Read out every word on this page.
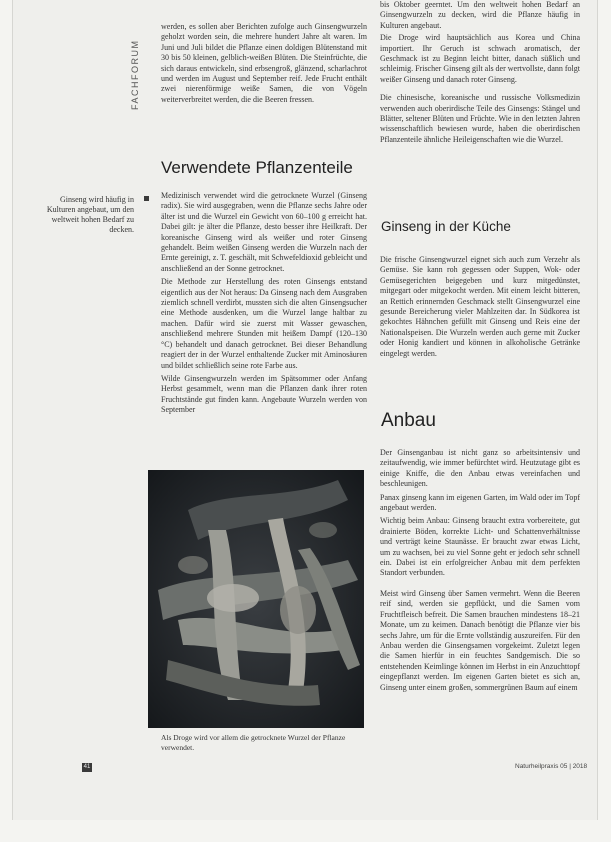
FACHFORUM

werden, es sollen aber Berichten zufolge auch Ginsengwurzeln geholzt worden sein, die mehrere hundert Jahre alt waren. Im Juni und Juli bildet die Pflanze einen doldigen Blütenstand mit 30 bis 50 kleinen, gelblich-weißen Blüten. Die Steinfrüchte, die sich daraus entwickeln, sind erbsengroß, glänzend, scharlachrot und werden im August und September reif. Jede Frucht enthält zwei nierenförmige weiße Samen, die von Vögeln weiterverbreitet werden, die die Beeren fressen.

Verwendete Pflanzenteile
Ginseng wird häufig in Kulturen angebaut, um den weltweit hohen Bedarf zu decken.

Medizinisch verwendet wird die getrocknete Wurzel (Ginseng radix). Sie wird ausgegraben, wenn die Pflanze sechs Jahre oder älter ist und die Wurzel ein Gewicht von 60–100 g erreicht hat. Dabei gilt: je älter die Pflanze, desto besser ihre Heilkraft. Der koreanische Ginseng wird als weißer und roter Ginseng gehandelt. Beim weißen Ginseng werden die Wurzeln nach der Ernte gereinigt, z. T. geschält, mit Schwefeldioxid gebleicht und anschließend an der Sonne getrocknet.

Die Methode zur Herstellung des roten Ginsengs entstand eigentlich aus der Not heraus: Da Ginseng nach dem Ausgraben ziemlich schnell verdirbt, mussten sich die alten Ginsengsucher eine Methode ausdenken, um die Wurzel lange haltbar zu machen. Dafür wird sie zuerst mit Wasser gewaschen, anschließend mehrere Stunden mit heißem Dampf (120–130 °C) behandelt und danach getrocknet. Bei dieser Behandlung reagiert der in der Wurzel enthaltende Zucker mit Aminosäuren und bildet schließlich seine rote Farbe aus.

Wilde Ginsengwurzeln werden im Spätsommer oder Anfang Herbst gesammelt, wenn man die Pflanzen dank ihrer roten Fruchtstände gut finden kann. Angebaute Wurzeln werden von September

Als Droge wird vor allem die getrocknete Wurzel der Pflanze verwendet.

bis Oktober geerntet. Um den weltweit hohen Bedarf an Ginsengwurzeln zu decken, wird die Pflanze häufig in Kulturen angebaut.

Die Droge wird hauptsächlich aus Korea und China importiert. Ihr Geruch ist schwach aromatisch, der Geschmack ist zu Beginn leicht bitter, danach süßlich und schleimig. Frischer Ginseng gilt als der wertvollste, dann folgt weißer Ginseng und danach roter Ginseng.

Die chinesische, koreanische und russische Volksmedizin verwenden auch oberirdische Teile des Ginsengs: Stängel und Blätter, seltener Blüten und Früchte. Wie in den letzten Jahren wissenschaftlich bewiesen wurde, haben die oberirdischen Pflanzenteile ähnliche Heileigenschaften wie die Wurzel.

Ginseng in der Küche

Die frische Ginsengwurzel eignet sich auch zum Verzehr als Gemüse. Sie kann roh gegessen oder Suppen, Wok- oder Gemüsegerichten beigegeben und kurz mitgedünstet, mitgegart oder mitgekocht werden. Mit einem leicht bitteren, an Rettich erinnernden Geschmack stellt Ginsengwurzel eine gesunde Bereicherung vieler Mahlzeiten dar. In Südkorea ist gekochtes Hähnchen gefüllt mit Ginseng und Reis eine der Nationalspeisen. Die Wurzeln werden auch gerne mit Zucker oder Honig kandiert und können in alkoholische Getränke eingelegt werden.

Anbau

Der Ginsenganbau ist nicht ganz so arbeitsintensiv und zeitaufwendig, wie immer befürchtet wird. Heutzutage gibt es einige Kniffe, die den Anbau etwas vereinfachen und beschleunigen.

Panax ginseng kann im eigenen Garten, im Wald oder im Topf angebaut werden.

Wichtig beim Anbau: Ginseng braucht extra vorbereitete, gut drainierte Böden, korrekte Licht- und Schattenverhältnisse und verträgt keine Staunässe. Er braucht zwar etwas Licht, um zu wachsen, bei zu viel Sonne geht er jedoch sehr schnell ein. Dabei ist ein erfolgreicher Anbau mit dem perfekten Standort verbunden.

Meist wird Ginseng über Samen vermehrt. Wenn die Beeren reif sind, werden sie gepflückt, und die Samen vom Fruchtfleisch befreit. Die Samen brauchen mindestens 18–21 Monate, um zu keimen. Danach benötigt die Pflanze vier bis sechs Jahre, um für die Ernte vollständig auszureifen. Für den Anbau werden die Ginsengsamen vorgekeimt. Zuletzt legen die Samen hierfür in ein feuchtes Sandgemisch. Die so entstehenden Keimlinge können im Herbst in ein Anzuchttopf eingepflanzt werden. Im eigenen Garten bietet es sich an, Ginseng unter einem großen, sommergrünen Baum auf einem

41	Naturheilpraxis 05 | 2018
